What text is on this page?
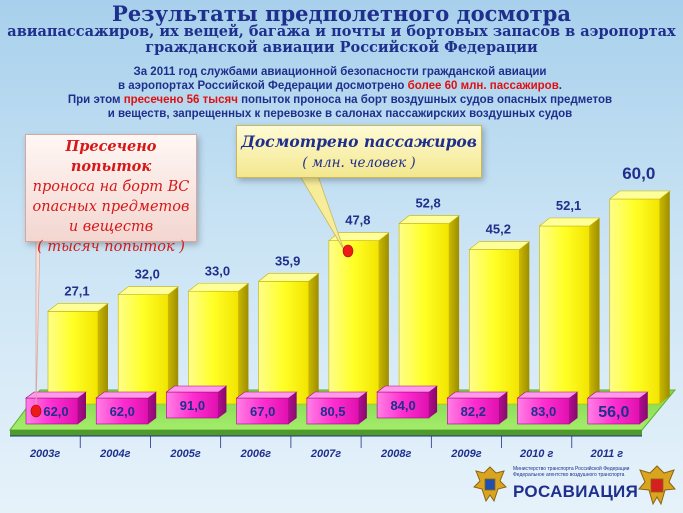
Результаты предполетного досмотра
авиапассажиров, их вещей, багажа и почты и бортовых запасов в аэропортах
гражданской авиации Российской Федерации
За 2011 год службами авиационной безопасности гражданской авиации
в аэропортах Российской Федерации досмотрено более 60 млн. пассажиров.
При этом пресечено 56 тысяч попыток проноса на борт воздушных судов опасных предметов
и веществ, запрещенных к перевозке в салонах пассажирских воздушных судов
27,1
62,0
2003г
32,0
62,0
2004г
33,0
91,0
2005г
35,9
67,0
2006г
47,8
80,5
2007г
52,8
84,0
2008г
45,2
82,2
2009г
52,1
83,0
2010 г
60,0
56,0
2011 г
Пресечено попыток
проноса на борт ВС
опасных предметов
и веществ
( тысяч попыток )
Досмотрено пассажиров
( млн. человек )
Министерство транспорта Российской Федерации
Федеральное агентство воздушного транспорта
РОСАВИАЦИЯ
